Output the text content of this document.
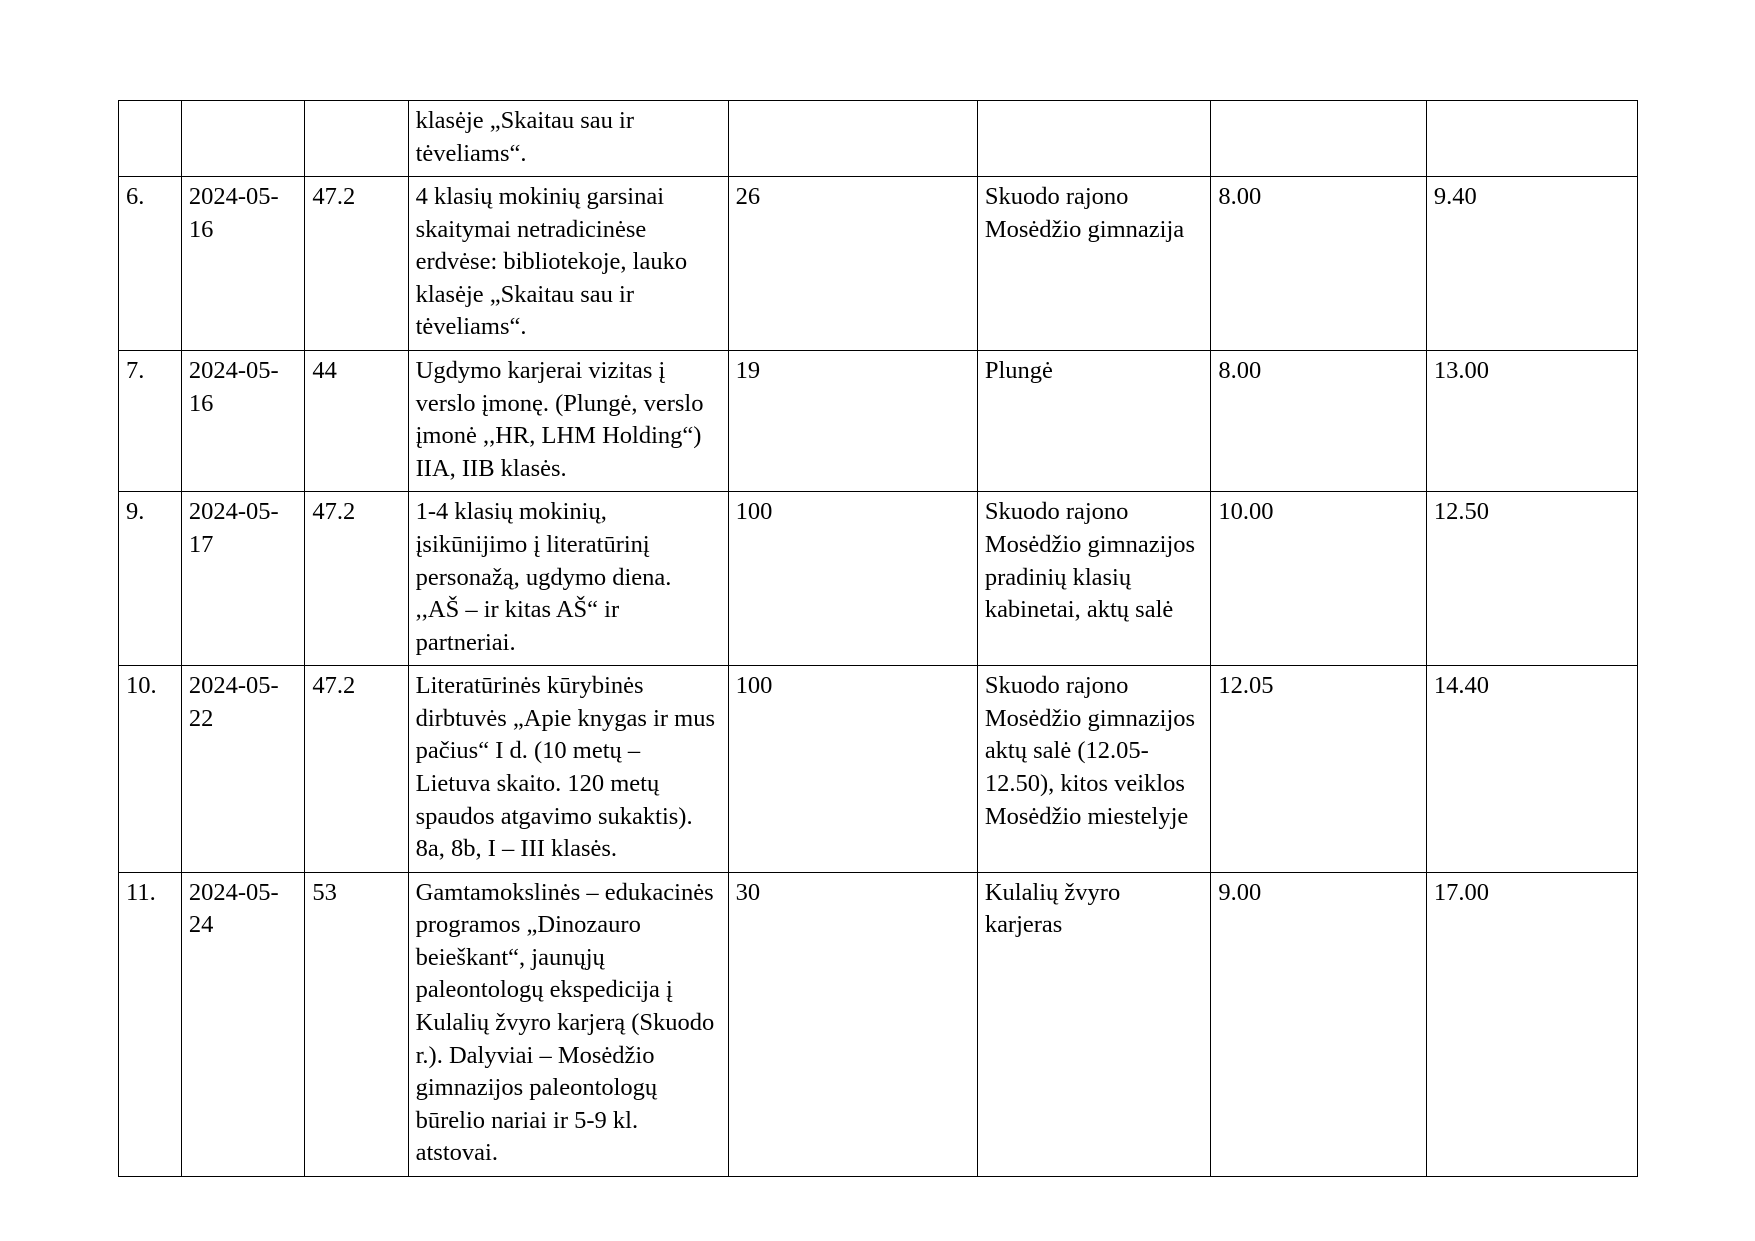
			klasėje „Skaitau sau ir tėveliams“.				
6.	2024-05-16	47.2	4 klasių mokinių garsinai skaitymai netradicinėse erdvėse: bibliotekoje, lauko klasėje „Skaitau sau ir tėveliams“.	26	Skuodo rajono Mosėdžio gimnazija	8.00	9.40
7.	2024-05-16	44	Ugdymo karjerai vizitas į verslo įmonę. (Plungė, verslo įmonė ,,HR, LHM Holding“) IIA, IIB klasės.	19	Plungė	8.00	13.00
9.	2024-05-17	47.2	1-4 klasių mokinių, įsikūnijimo į literatūrinį personažą, ugdymo diena. ,,AŠ – ir kitas AŠ“ ir partneriai.	100	Skuodo rajono Mosėdžio gimnazijos pradinių klasių kabinetai, aktų salė	10.00	12.50
10.	2024-05-22	47.2	Literatūrinės kūrybinės dirbtuvės „Apie knygas ir mus pačius“ I d. (10 metų – Lietuva skaito. 120 metų spaudos atgavimo sukaktis). 8a, 8b, I – III klasės.	100	Skuodo rajono Mosėdžio gimnazijos aktų salė (12.05-12.50), kitos veiklos Mosėdžio miestelyje	12.05	14.40
11.	2024-05-24	53	Gamtamokslinės – edukacinės programos „Dinozauro beieškant“, jaunųjų paleontologų ekspedicija į Kulalių žvyro karjerą (Skuodo r.). Dalyviai – Mosėdžio gimnazijos paleontologų būrelio nariai ir 5-9 kl. atstovai.	30	Kulalių žvyro karjeras	9.00	17.00
